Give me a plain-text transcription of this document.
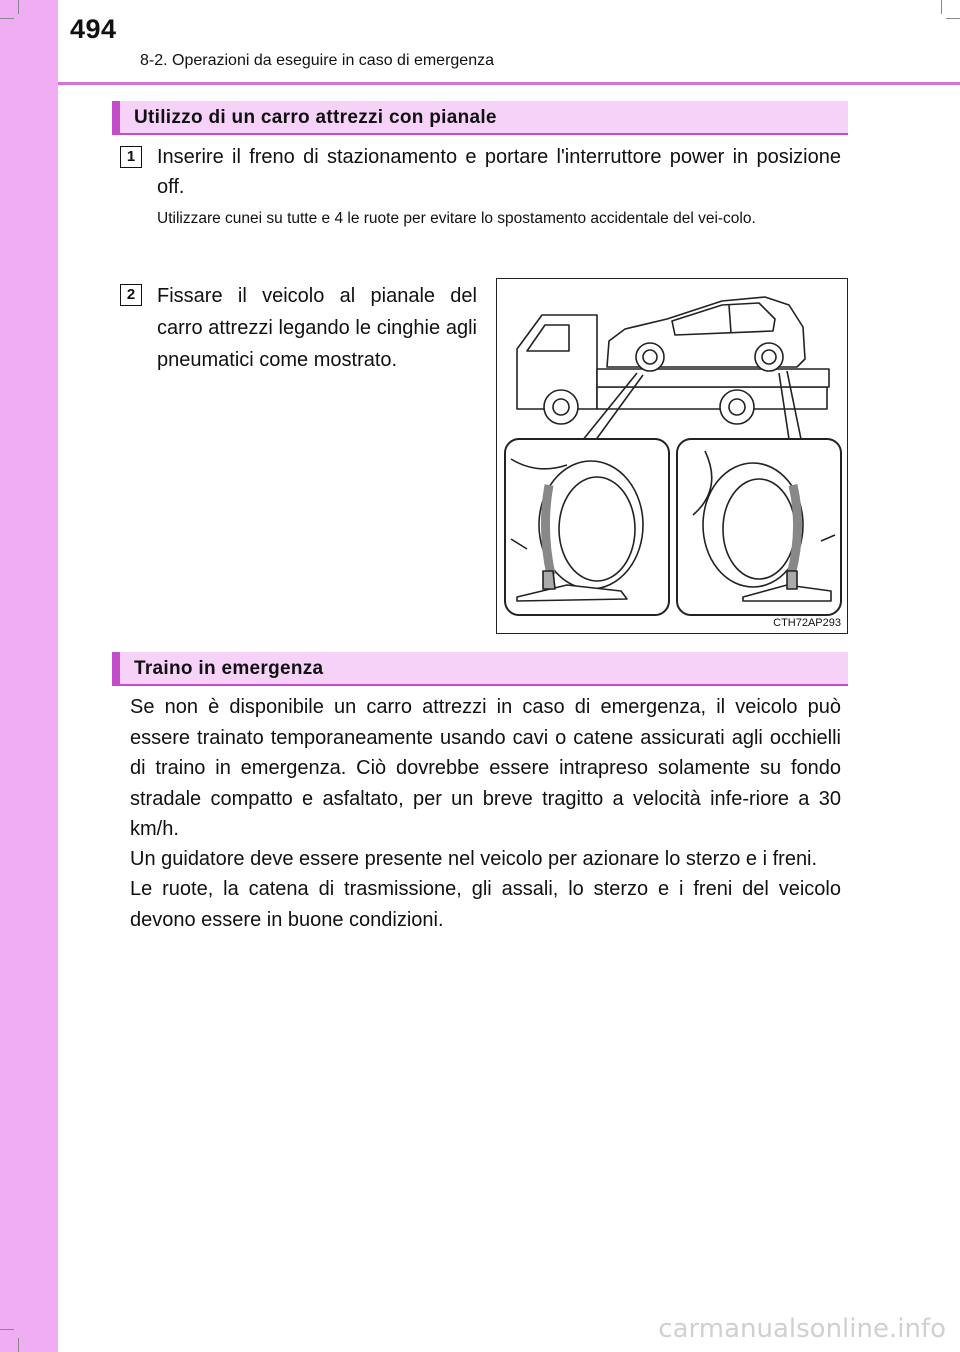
494
8-2. Operazioni da eseguire in caso di emergenza
Utilizzo di un carro attrezzi con pianale
1	Inserire il freno di stazionamento e portare l'interruttore power in posizione off.
Utilizzare cunei su tutte e 4 le ruote per evitare lo spostamento accidentale del vei-colo.
2	Fissare il veicolo al pianale del carro attrezzi legando le cinghie agli pneumatici come mostrato.
CTH72AP293
Traino in emergenza
Se non è disponibile un carro attrezzi in caso di emergenza, il veicolo può essere trainato temporaneamente usando cavi o catene assicurati agli occhielli di traino in emergenza. Ciò dovrebbe essere intrapreso solamente su fondo stradale compatto e asfaltato, per un breve tragitto a velocità infe-riore a 30 km/h.
Un guidatore deve essere presente nel veicolo per azionare lo sterzo e i freni.
Le ruote, la catena di trasmissione, gli assali, lo sterzo e i freni del veicolo devono essere in buone condizioni.
carmanualsonline.info
